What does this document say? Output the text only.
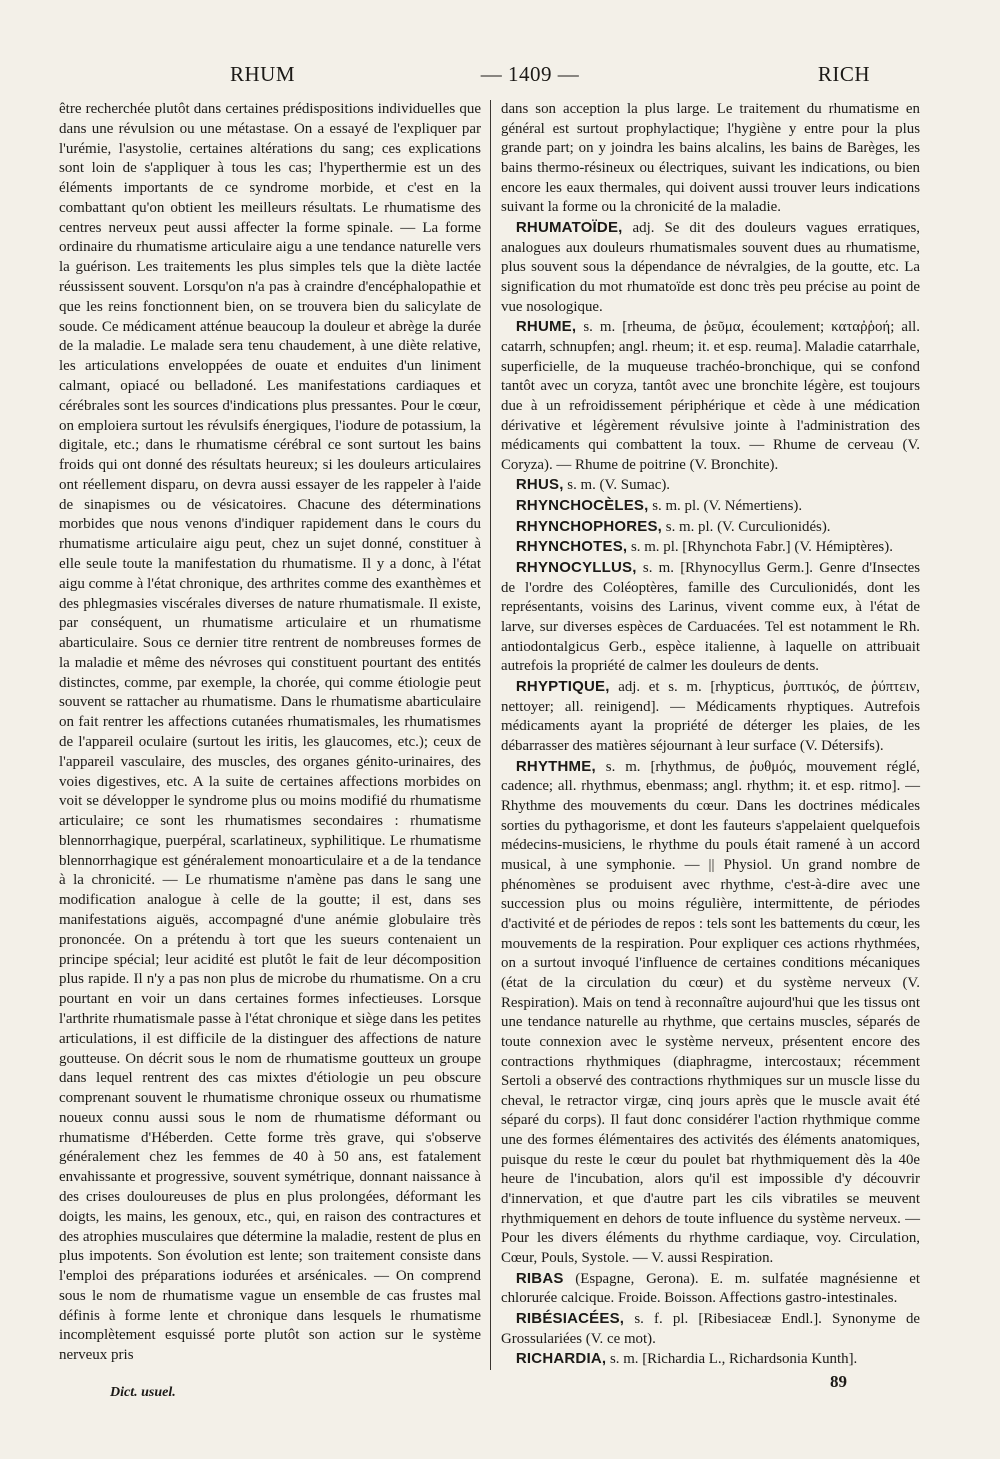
RHUM	— 1409 —	RICH

être recherchée plutôt dans certaines prédispositions individuelles que dans une révulsion ou une métastase. On a essayé de l'expliquer par l'urémie, l'asystolie, certaines altérations du sang; ces explications sont loin de s'appliquer à tous les cas; l'hyperthermie est un des éléments importants de ce syndrome morbide, et c'est en la combattant qu'on obtient les meilleurs résultats. Le rhumatisme des centres nerveux peut aussi affecter la forme spinale. — La forme ordinaire du rhumatisme articulaire aigu a une tendance naturelle vers la guérison. Les traitements les plus simples tels que la diète lactée réussissent souvent. Lorsqu'on n'a pas à craindre d'encéphalopathie et que les reins fonctionnent bien, on se trouvera bien du salicylate de soude. Ce médicament atténue beaucoup la douleur et abrège la durée de la maladie. Le malade sera tenu chaudement, à une diète relative, les articulations enveloppées de ouate et enduites d'un liniment calmant, opiacé ou belladoné. Les manifestations cardiaques et cérébrales sont les sources d'indications plus pressantes. Pour le cœur, on emploiera surtout les révulsifs énergiques, l'iodure de potassium, la digitale, etc.; dans le rhumatisme cérébral ce sont surtout les bains froids qui ont donné des résultats heureux; si les douleurs articulaires ont réellement disparu, on devra aussi essayer de les rappeler à l'aide de sinapismes ou de vésicatoires. Chacune des déterminations morbides que nous venons d'indiquer rapidement dans le cours du rhumatisme articulaire aigu peut, chez un sujet donné, constituer à elle seule toute la manifestation du rhumatisme. Il y a donc, à l'état aigu comme à l'état chronique, des arthrites comme des exanthèmes et des phlegmasies viscérales diverses de nature rhumatismale. Il existe, par conséquent, un rhumatisme articulaire et un rhumatisme abarticulaire. Sous ce dernier titre rentrent de nombreuses formes de la maladie et même des névroses qui constituent pourtant des entités distinctes, comme, par exemple, la chorée, qui comme étiologie peut souvent se rattacher au rhumatisme. Dans le rhumatisme abarticulaire on fait rentrer les affections cutanées rhumatismales, les rhumatismes de l'appareil oculaire (surtout les iritis, les glaucomes, etc.); ceux de l'appareil vasculaire, des muscles, des organes génito-urinaires, des voies digestives, etc. A la suite de certaines affections morbides on voit se développer le syndrome plus ou moins modifié du rhumatisme articulaire; ce sont les rhumatismes secondaires : rhumatisme blennorrhagique, puerpéral, scarlatineux, syphilitique. Le rhumatisme blennorrhagique est généralement monoarticulaire et a de la tendance à la chronicité. — Le rhumatisme n'amène pas dans le sang une modification analogue à celle de la goutte; il est, dans ses manifestations aiguës, accompagné d'une anémie globulaire très prononcée. On a prétendu à tort que les sueurs contenaient un principe spécial; leur acidité est plutôt le fait de leur décomposition plus rapide. Il n'y a pas non plus de microbe du rhumatisme. On a cru pourtant en voir un dans certaines formes infectieuses. Lorsque l'arthrite rhumatismale passe à l'état chronique et siège dans les petites articulations, il est difficile de la distinguer des affections de nature goutteuse. On décrit sous le nom de rhumatisme goutteux un groupe dans lequel rentrent des cas mixtes d'étiologie un peu obscure comprenant souvent le rhumatisme chronique osseux ou rhumatisme noueux connu aussi sous le nom de rhumatisme déformant ou rhumatisme d'Héberden. Cette forme très grave, qui s'observe généralement chez les femmes de 40 à 50 ans, est fatalement envahissante et progressive, souvent symétrique, donnant naissance à des crises douloureuses de plus en plus prolongées, déformant les doigts, les mains, les genoux, etc., qui, en raison des contractures et des atrophies musculaires que détermine la maladie, restent de plus en plus impotents. Son évolution est lente; son traitement consiste dans l'emploi des préparations iodurées et arsénicales. — On comprend sous le nom de rhumatisme vague un ensemble de cas frustes mal définis à forme lente et chronique dans lesquels le rhumatisme incomplètement esquissé porte plutôt son action sur le système nerveux pris

dans son acception la plus large. Le traitement du rhumatisme en général est surtout prophylactique; l'hygiène y entre pour la plus grande part; on y joindra les bains alcalins, les bains de Barèges, les bains thermo-résineux ou électriques, suivant les indications, ou bien encore les eaux thermales, qui doivent aussi trouver leurs indications suivant la forme ou la chronicité de la maladie.

 RHUMATOÏDE, adj. Se dit des douleurs vagues erratiques, analogues aux douleurs rhumatismales souvent dues au rhumatisme, plus souvent sous la dépendance de névralgies, de la goutte, etc. La signification du mot rhumatoïde est donc très peu précise au point de vue nosologique.

 RHUME, s. m. [rheuma, de ῥεῦμα, écoulement; καταῤῥοή; all. catarrh, schnupfen; angl. rheum; it. et esp. reuma]. Maladie catarrhale, superficielle, de la muqueuse trachéo-bronchique, qui se confond tantôt avec un coryza, tantôt avec une bronchite légère, est toujours due à un refroidissement périphérique et cède à une médication dérivative et légèrement révulsive jointe à l'administration des médicaments qui combattent la toux. — Rhume de cerveau (V. Coryza). — Rhume de poitrine (V. Bronchite).

 RHUS, s. m. (V. Sumac).

 RHYNCHOCÈLES, s. m. pl. (V. Némertiens).

 RHYNCHOPHORES, s. m. pl. (V. Curculionidés).

 RHYNCHOTES, s. m. pl. [Rhynchota Fabr.] (V. Hémiptères).

 RHYNOCYLLUS, s. m. [Rhynocyllus Germ.]. Genre d'Insectes de l'ordre des Coléoptères, famille des Curculionidés, dont les représentants, voisins des Larinus, vivent comme eux, à l'état de larve, sur diverses espèces de Carduacées. Tel est notamment le Rh. antiodontalgicus Gerb., espèce italienne, à laquelle on attribuait autrefois la propriété de calmer les douleurs de dents.

 RHYPTIQUE, adj. et s. m. [rhypticus, ῥυπτικός, de ῥύπτειν, nettoyer; all. reinigend]. — Médicaments rhyptiques. Autrefois médicaments ayant la propriété de déterger les plaies, de les débarrasser des matières séjournant à leur surface (V. Détersifs).

 RHYTHME, s. m. [rhythmus, de ῥυθμός, mouvement réglé, cadence; all. rhythmus, ebenmass; angl. rhythm; it. et esp. ritmo]. — Rhythme des mouvements du cœur. Dans les doctrines médicales sorties du pythagorisme, et dont les fauteurs s'appelaient quelquefois médecins-musiciens, le rhythme du pouls était ramené à un accord musical, à une symphonie. — || Physiol. Un grand nombre de phénomènes se produisent avec rhythme, c'est-à-dire avec une succession plus ou moins régulière, intermittente, de périodes d'activité et de périodes de repos : tels sont les battements du cœur, les mouvements de la respiration. Pour expliquer ces actions rhythmées, on a surtout invoqué l'influence de certaines conditions mécaniques (état de la circulation du cœur) et du système nerveux (V. Respiration). Mais on tend à reconnaître aujourd'hui que les tissus ont une tendance naturelle au rhythme, que certains muscles, séparés de toute connexion avec le système nerveux, présentent encore des contractions rhythmiques (diaphragme, intercostaux; récemment Sertoli a observé des contractions rhythmiques sur un muscle lisse du cheval, le retractor virgæ, cinq jours après que le muscle avait été séparé du corps). Il faut donc considérer l'action rhythmique comme une des formes élémentaires des activités des éléments anatomiques, puisque du reste le cœur du poulet bat rhythmiquement dès la 40e heure de l'incubation, alors qu'il est impossible d'y découvrir d'innervation, et que d'autre part les cils vibratiles se meuvent rhythmiquement en dehors de toute influence du système nerveux. — Pour les divers éléments du rhythme cardiaque, voy. Circulation, Cœur, Pouls, Systole. — V. aussi Respiration.

 RIBAS (Espagne, Gerona). E. m. sulfatée magnésienne et chlorurée calcique. Froide. Boisson. Affections gastro-intestinales.

 RIBÉSIACÉES, s. f. pl. [Ribesiaceæ Endl.]. Synonyme de Grossulariées (V. ce mot).

 RICHARDIA, s. m. [Richardia L., Richardsonia Kunth].

Dict. usuel.
89
